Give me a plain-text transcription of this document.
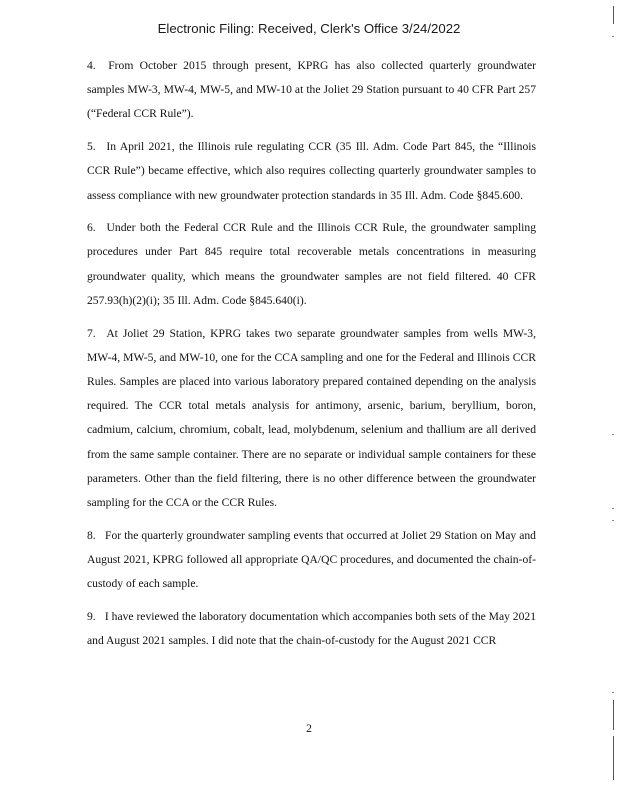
Electronic Filing: Received, Clerk's Office 3/24/2022

4. From October 2015 through present, KPRG has also collected quarterly groundwater samples MW-3, MW-4, MW-5, and MW-10 at the Joliet 29 Station pursuant to 40 CFR Part 257 (“Federal CCR Rule”).

5. In April 2021, the Illinois rule regulating CCR (35 Ill. Adm. Code Part 845, the “Illinois CCR Rule”) became effective, which also requires collecting quarterly groundwater samples to assess compliance with new groundwater protection standards in 35 Ill. Adm. Code §845.600.

6. Under both the Federal CCR Rule and the Illinois CCR Rule, the groundwater sampling procedures under Part 845 require total recoverable metals concentrations in measuring groundwater quality, which means the groundwater samples are not field filtered. 40 CFR 257.93(h)(2)(i); 35 Ill. Adm. Code §845.640(i).

7. At Joliet 29 Station, KPRG takes two separate groundwater samples from wells MW-3, MW-4, MW-5, and MW-10, one for the CCA sampling and one for the Federal and Illinois CCR Rules. Samples are placed into various laboratory prepared contained depending on the analysis required. The CCR total metals analysis for antimony, arsenic, barium, beryllium, boron, cadmium, calcium, chromium, cobalt, lead, molybdenum, selenium and thallium are all derived from the same sample container. There are no separate or individual sample containers for these parameters. Other than the field filtering, there is no other difference between the groundwater sampling for the CCA or the CCR Rules.

8. For the quarterly groundwater sampling events that occurred at Joliet 29 Station on May and August 2021, KPRG followed all appropriate QA/QC procedures, and documented the chain-of-custody of each sample.

9. I have reviewed the laboratory documentation which accompanies both sets of the May 2021 and August 2021 samples. I did note that the chain-of-custody for the August 2021 CCR

2
